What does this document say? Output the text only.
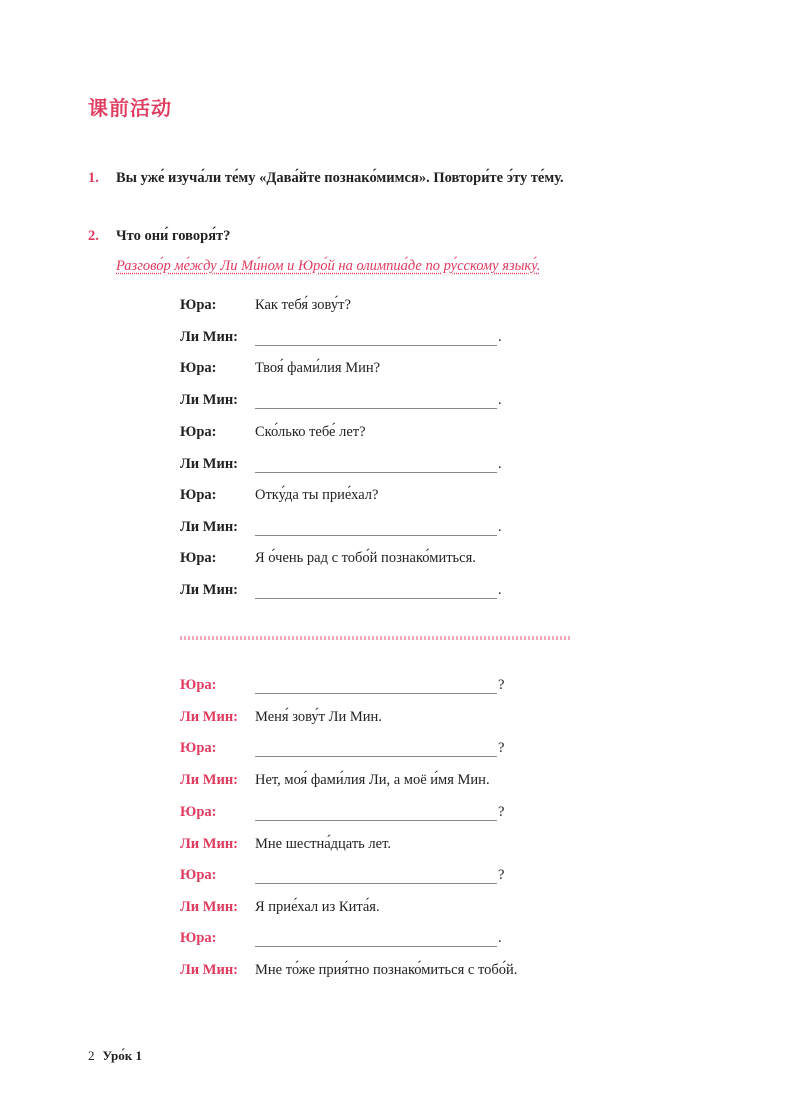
课前活动
1. Вы уже́ изуча́ли те́му «Дава́йте познако́мимся». Повтори́те э́ту те́му.
2. Что они́ говоря́т?
Разгово́р ме́жду Ли Ми́ном и Юро́й на олимпиа́де по ру́сскому языку́.
Юра:	Как тебя́ зову́т?
Ли Мин:	.
Юра:	Твоя́ фами́лия Мин?
Ли Мин:	.
Юра:	Ско́лько тебе́ лет?
Ли Мин:	.
Юра:	Отку́да ты прие́хал?
Ли Мин:	.
Юра:	Я о́чень рад с тобо́й познако́миться.
Ли Мин:	.
Юра:	?
Ли Мин: Меня́ зову́т Ли Мин.
Юра:	?
Ли Мин: Нет, моя́ фами́лия Ли, а моё и́мя Мин.
Юра:	?
Ли Мин: Мне шестна́дцать лет.
Юра:	?
Ли Мин: Я прие́хал из Кита́я.
Юра:	.
Ли Мин: Мне то́же прия́тно познако́миться с тобо́й.
2 Уро́к 1
